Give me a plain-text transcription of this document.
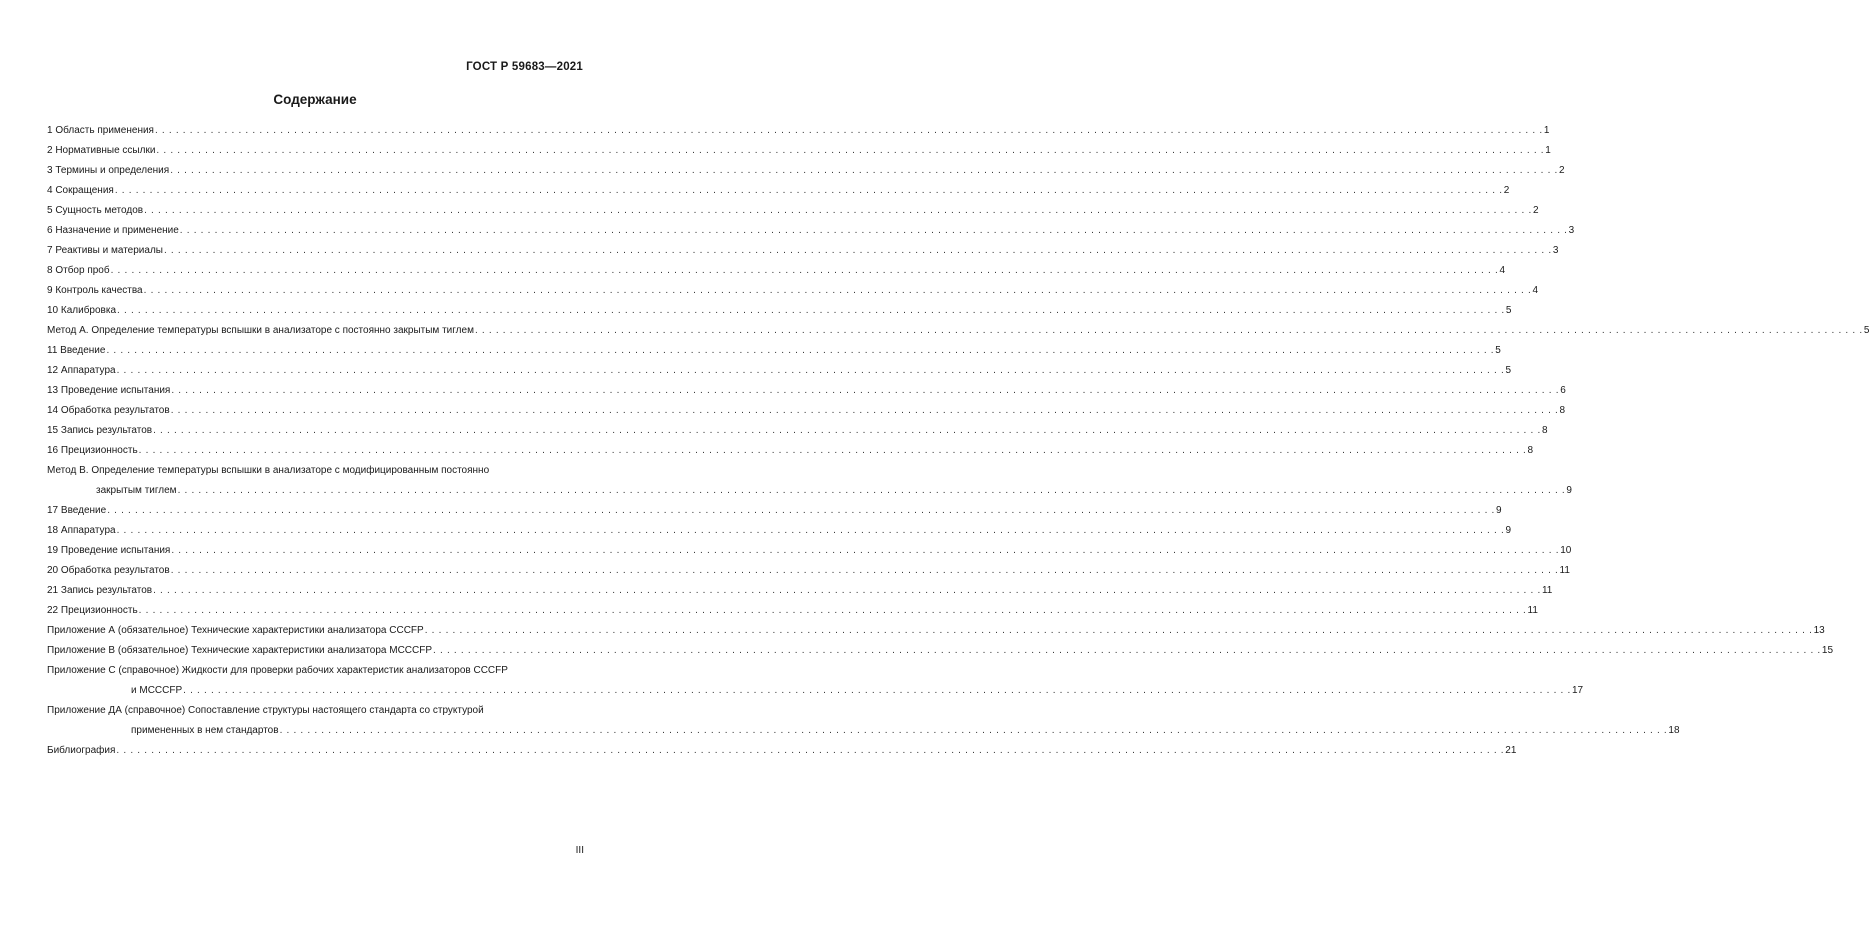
ГОСТ Р 59683—2021
Содержание
1 Область применения . . . . . . . . . . . . . . . . . . . . . . . . . . . . . . . . . . . . . . . . . . . . . . . . . . . . . . . . . . . . . . . . . . . . . . . . . . . . . . . . . . . . . . . . . . . . . . . . . . . . . . . . . . . . . . . . . . . . . . . . . . . . . . . . . . . . . . . . . . . . . . . . . . . . . . . . . . . . . . . . . . . . . . . . . . . . . . . . . . . . . . . . . . . . . . . . . . . . . . . . 1
2 Нормативные ссылки . . . . . . . . . . . . . . . . . . . . . . . . . . . . . . . . . . . . . . . . . . . . . . . . . . . . . . . . . . . . . . . . . . . . . . . . . . . . . . . . . . . . . . . . . . . . . . . . . . . . . . . . . . . . . . . . . . . . . . . . . . . . . . . . . . . . . . . . . . . . . . . . . . . . . . . . . . . . . . . . . . . . . . . . . . . . . . . . . . . . . . . . . . . . . . . . . . . . . . . . 1
3 Термины и определения . . . . . . . . . . . . . . . . . . . . . . . . . . . . . . . . . . . . . . . . . . . . . . . . . . . . . . . . . . . . . . . . . . . . . . . . . . . . . . . . . . . . . . . . . . . . . . . . . . . . . . . . . . . . . . . . . . . . . . . . . . . . . . . . . . . . . . . . . . . . . . . . . . . . . . . . . . . . . . . . . . . . . . . . . . . . . . . . . . . . . . . . . . . . . . . . . . . . . . . . 2
4 Сокращения . . . . . . . . . . . . . . . . . . . . . . . . . . . . . . . . . . . . . . . . . . . . . . . . . . . . . . . . . . . . . . . . . . . . . . . . . . . . . . . . . . . . . . . . . . . . . . . . . . . . . . . . . . . . . . . . . . . . . . . . . . . . . . . . . . . . . . . . . . . . . . . . . . . . . . . . . . . . . . . . . . . . . . . . . . . . . . . . . . . . . . . . . . . . . . . . . . . . . . . . 2
5 Сущность методов . . . . . . . . . . . . . . . . . . . . . . . . . . . . . . . . . . . . . . . . . . . . . . . . . . . . . . . . . . . . . . . . . . . . . . . . . . . . . . . . . . . . . . . . . . . . . . . . . . . . . . . . . . . . . . . . . . . . . . . . . . . . . . . . . . . . . . . . . . . . . . . . . . . . . . . . . . . . . . . . . . . . . . . . . . . . . . . . . . . . . . . . . . . . . . . . . . . . . . . . 2
6 Назначение и применение . . . . . . . . . . . . . . . . . . . . . . . . . . . . . . . . . . . . . . . . . . . . . . . . . . . . . . . . . . . . . . . . . . . . . . . . . . . . . . . . . . . . . . . . . . . . . . . . . . . . . . . . . . . . . . . . . . . . . . . . . . . . . . . . . . . . . . . . . . . . . . . . . . . . . . . . . . . . . . . . . . . . . . . . . . . . . . . . . . . . . . . . . . . . . . . . . . . . . . . . 3
7 Реактивы и материалы . . . . . . . . . . . . . . . . . . . . . . . . . . . . . . . . . . . . . . . . . . . . . . . . . . . . . . . . . . . . . . . . . . . . . . . . . . . . . . . . . . . . . . . . . . . . . . . . . . . . . . . . . . . . . . . . . . . . . . . . . . . . . . . . . . . . . . . . . . . . . . . . . . . . . . . . . . . . . . . . . . . . . . . . . . . . . . . . . . . . . . . . . . . . . . . . . . . . . . . . 3
8 Отбор проб . . . . . . . . . . . . . . . . . . . . . . . . . . . . . . . . . . . . . . . . . . . . . . . . . . . . . . . . . . . . . . . . . . . . . . . . . . . . . . . . . . . . . . . . . . . . . . . . . . . . . . . . . . . . . . . . . . . . . . . . . . . . . . . . . . . . . . . . . . . . . . . . . . . . . . . . . . . . . . . . . . . . . . . . . . . . . . . . . . . . . . . . . . . . . . . . . . . . . . . . 4
9 Контроль качества . . . . . . . . . . . . . . . . . . . . . . . . . . . . . . . . . . . . . . . . . . . . . . . . . . . . . . . . . . . . . . . . . . . . . . . . . . . . . . . . . . . . . . . . . . . . . . . . . . . . . . . . . . . . . . . . . . . . . . . . . . . . . . . . . . . . . . . . . . . . . . . . . . . . . . . . . . . . . . . . . . . . . . . . . . . . . . . . . . . . . . . . . . . . . . . . . . . . . . . . 4
10 Калибровка . . . . . . . . . . . . . . . . . . . . . . . . . . . . . . . . . . . . . . . . . . . . . . . . . . . . . . . . . . . . . . . . . . . . . . . . . . . . . . . . . . . . . . . . . . . . . . . . . . . . . . . . . . . . . . . . . . . . . . . . . . . . . . . . . . . . . . . . . . . . . . . . . . . . . . . . . . . . . . . . . . . . . . . . . . . . . . . . . . . . . . . . . . . . . . . . . . . . . . . . 5
Метод А. Определение температуры вспышки в анализаторе с постоянно закрытым тиглем . . . . . . . . . . . . . . . . . . . . . . . . . . . . . . . . . . . . . . . . . . . . . . . . . . . . . . . . . . . . . . . . . . . . . . . . . . . . . . . . . . . . . . . . . . . . . . . . . . . . . . . . . . . . . . . . . . . . . . . . . . . . . . . . . . . . . . . . . . . . . . . . . . . . . . . . . . . . . . . . . . . . . . . . . . . . . . . . . . . . . . . . . . . . . . . . . . . . . . . . 5
11 Введение . . . . . . . . . . . . . . . . . . . . . . . . . . . . . . . . . . . . . . . . . . . . . . . . . . . . . . . . . . . . . . . . . . . . . . . . . . . . . . . . . . . . . . . . . . . . . . . . . . . . . . . . . . . . . . . . . . . . . . . . . . . . . . . . . . . . . . . . . . . . . . . . . . . . . . . . . . . . . . . . . . . . . . . . . . . . . . . . . . . . . . . . . . . . . . . . . . . . . . . . 5
12 Аппаратура . . . . . . . . . . . . . . . . . . . . . . . . . . . . . . . . . . . . . . . . . . . . . . . . . . . . . . . . . . . . . . . . . . . . . . . . . . . . . . . . . . . . . . . . . . . . . . . . . . . . . . . . . . . . . . . . . . . . . . . . . . . . . . . . . . . . . . . . . . . . . . . . . . . . . . . . . . . . . . . . . . . . . . . . . . . . . . . . . . . . . . . . . . . . . . . . . . . . . . . . 5
13 Проведение испытания . . . . . . . . . . . . . . . . . . . . . . . . . . . . . . . . . . . . . . . . . . . . . . . . . . . . . . . . . . . . . . . . . . . . . . . . . . . . . . . . . . . . . . . . . . . . . . . . . . . . . . . . . . . . . . . . . . . . . . . . . . . . . . . . . . . . . . . . . . . . . . . . . . . . . . . . . . . . . . . . . . . . . . . . . . . . . . . . . . . . . . . . . . . . . . . . . . . . . . . . 6
14 Обработка результатов . . . . . . . . . . . . . . . . . . . . . . . . . . . . . . . . . . . . . . . . . . . . . . . . . . . . . . . . . . . . . . . . . . . . . . . . . . . . . . . . . . . . . . . . . . . . . . . . . . . . . . . . . . . . . . . . . . . . . . . . . . . . . . . . . . . . . . . . . . . . . . . . . . . . . . . . . . . . . . . . . . . . . . . . . . . . . . . . . . . . . . . . . . . . . . . . . . . . . . . . 8
15 Запись результатов . . . . . . . . . . . . . . . . . . . . . . . . . . . . . . . . . . . . . . . . . . . . . . . . . . . . . . . . . . . . . . . . . . . . . . . . . . . . . . . . . . . . . . . . . . . . . . . . . . . . . . . . . . . . . . . . . . . . . . . . . . . . . . . . . . . . . . . . . . . . . . . . . . . . . . . . . . . . . . . . . . . . . . . . . . . . . . . . . . . . . . . . . . . . . . . . . . . . . . . . 8
16 Прецизионность . . . . . . . . . . . . . . . . . . . . . . . . . . . . . . . . . . . . . . . . . . . . . . . . . . . . . . . . . . . . . . . . . . . . . . . . . . . . . . . . . . . . . . . . . . . . . . . . . . . . . . . . . . . . . . . . . . . . . . . . . . . . . . . . . . . . . . . . . . . . . . . . . . . . . . . . . . . . . . . . . . . . . . . . . . . . . . . . . . . . . . . . . . . . . . . . . . . . . . . . 8
Метод В. Определение температуры вспышки в анализаторе с модифицированным постоянно
закрытым тиглем . . . . . . . . . . . . . . . . . . . . . . . . . . . . . . . . . . . . . . . . . . . . . . . . . . . . . . . . . . . . . . . . . . . . . . . . . . . . . . . . . . . . . . . . . . . . . . . . . . . . . . . . . . . . . . . . . . . . . . . . . . . . . . . . . . . . . . . . . . . . . . . . . . . . . . . . . . . . . . . . . . . . . . . . . . . . . . . . . . . . . . . . . . . . . . . . . . . . . . . . 9
17 Введение . . . . . . . . . . . . . . . . . . . . . . . . . . . . . . . . . . . . . . . . . . . . . . . . . . . . . . . . . . . . . . . . . . . . . . . . . . . . . . . . . . . . . . . . . . . . . . . . . . . . . . . . . . . . . . . . . . . . . . . . . . . . . . . . . . . . . . . . . . . . . . . . . . . . . . . . . . . . . . . . . . . . . . . . . . . . . . . . . . . . . . . . . . . . . . . . . . . . . . . . 9
18 Аппаратура . . . . . . . . . . . . . . . . . . . . . . . . . . . . . . . . . . . . . . . . . . . . . . . . . . . . . . . . . . . . . . . . . . . . . . . . . . . . . . . . . . . . . . . . . . . . . . . . . . . . . . . . . . . . . . . . . . . . . . . . . . . . . . . . . . . . . . . . . . . . . . . . . . . . . . . . . . . . . . . . . . . . . . . . . . . . . . . . . . . . . . . . . . . . . . . . . . . . . . . . 9
19 Проведение испытания . . . . . . . . . . . . . . . . . . . . . . . . . . . . . . . . . . . . . . . . . . . . . . . . . . . . . . . . . . . . . . . . . . . . . . . . . . . . . . . . . . . . . . . . . . . . . . . . . . . . . . . . . . . . . . . . . . . . . . . . . . . . . . . . . . . . . . . . . . . . . . . . . . . . . . . . . . . . . . . . . . . . . . . . . . . . . . . . . . . . . . . . . . . . . . . . . . . . . . . . 10
20 Обработка результатов . . . . . . . . . . . . . . . . . . . . . . . . . . . . . . . . . . . . . . . . . . . . . . . . . . . . . . . . . . . . . . . . . . . . . . . . . . . . . . . . . . . . . . . . . . . . . . . . . . . . . . . . . . . . . . . . . . . . . . . . . . . . . . . . . . . . . . . . . . . . . . . . . . . . . . . . . . . . . . . . . . . . . . . . . . . . . . . . . . . . . . . . . . . . . . . . . . . . . . . . 11
21 Запись результатов . . . . . . . . . . . . . . . . . . . . . . . . . . . . . . . . . . . . . . . . . . . . . . . . . . . . . . . . . . . . . . . . . . . . . . . . . . . . . . . . . . . . . . . . . . . . . . . . . . . . . . . . . . . . . . . . . . . . . . . . . . . . . . . . . . . . . . . . . . . . . . . . . . . . . . . . . . . . . . . . . . . . . . . . . . . . . . . . . . . . . . . . . . . . . . . . . . . . . . . . 11
22 Прецизионность . . . . . . . . . . . . . . . . . . . . . . . . . . . . . . . . . . . . . . . . . . . . . . . . . . . . . . . . . . . . . . . . . . . . . . . . . . . . . . . . . . . . . . . . . . . . . . . . . . . . . . . . . . . . . . . . . . . . . . . . . . . . . . . . . . . . . . . . . . . . . . . . . . . . . . . . . . . . . . . . . . . . . . . . . . . . . . . . . . . . . . . . . . . . . . . . . . . . . . . . 11
Приложение А (обязательное) Технические характеристики анализатора CCCFP . . . . . . . . . . . . . . . . . . . . . . . . . . . . . . . . . . . . . . . . . . . . . . . . . . . . . . . . . . . . . . . . . . . . . . . . . . . . . . . . . . . . . . . . . . . . . . . . . . . . . . . . . . . . . . . . . . . . . . . . . . . . . . . . . . . . . . . . . . . . . . . . . . . . . . . . . . . . . . . . . . . . . . . . . . . . . . . . . . . . . . . . . . . . . . . . . . . . . . . . 13
Приложение В (обязательное) Технические характеристики анализатора MCCCFP . . . . . . . . . . . . . . . . . . . . . . . . . . . . . . . . . . . . . . . . . . . . . . . . . . . . . . . . . . . . . . . . . . . . . . . . . . . . . . . . . . . . . . . . . . . . . . . . . . . . . . . . . . . . . . . . . . . . . . . . . . . . . . . . . . . . . . . . . . . . . . . . . . . . . . . . . . . . . . . . . . . . . . . . . . . . . . . . . . . . . . . . . . . . . . . . . . . . . . . . 15
Приложение С (справочное) Жидкости для проверки рабочих характеристик анализаторов CCCFP
и MCCCFP . . . . . . . . . . . . . . . . . . . . . . . . . . . . . . . . . . . . . . . . . . . . . . . . . . . . . . . . . . . . . . . . . . . . . . . . . . . . . . . . . . . . . . . . . . . . . . . . . . . . . . . . . . . . . . . . . . . . . . . . . . . . . . . . . . . . . . . . . . . . . . . . . . . . . . . . . . . . . . . . . . . . . . . . . . . . . . . . . . . . . . . . . . . . . . . . . . . . . . . . 17
Приложение ДА (справочное) Сопоставление структуры настоящего стандарта со структурой
примененных в нем стандартов . . . . . . . . . . . . . . . . . . . . . . . . . . . . . . . . . . . . . . . . . . . . . . . . . . . . . . . . . . . . . . . . . . . . . . . . . . . . . . . . . . . . . . . . . . . . . . . . . . . . . . . . . . . . . . . . . . . . . . . . . . . . . . . . . . . . . . . . . . . . . . . . . . . . . . . . . . . . . . . . . . . . . . . . . . . . . . . . . . . . . . . . . . . . . . . . . . . . . . . . 18
Библиография . . . . . . . . . . . . . . . . . . . . . . . . . . . . . . . . . . . . . . . . . . . . . . . . . . . . . . . . . . . . . . . . . . . . . . . . . . . . . . . . . . . . . . . . . . . . . . . . . . . . . . . . . . . . . . . . . . . . . . . . . . . . . . . . . . . . . . . . . . . . . . . . . . . . . . . . . . . . . . . . . . . . . . . . . . . . . . . . . . . . . . . . . . . . . . . . . . . . . . . . 21
III
